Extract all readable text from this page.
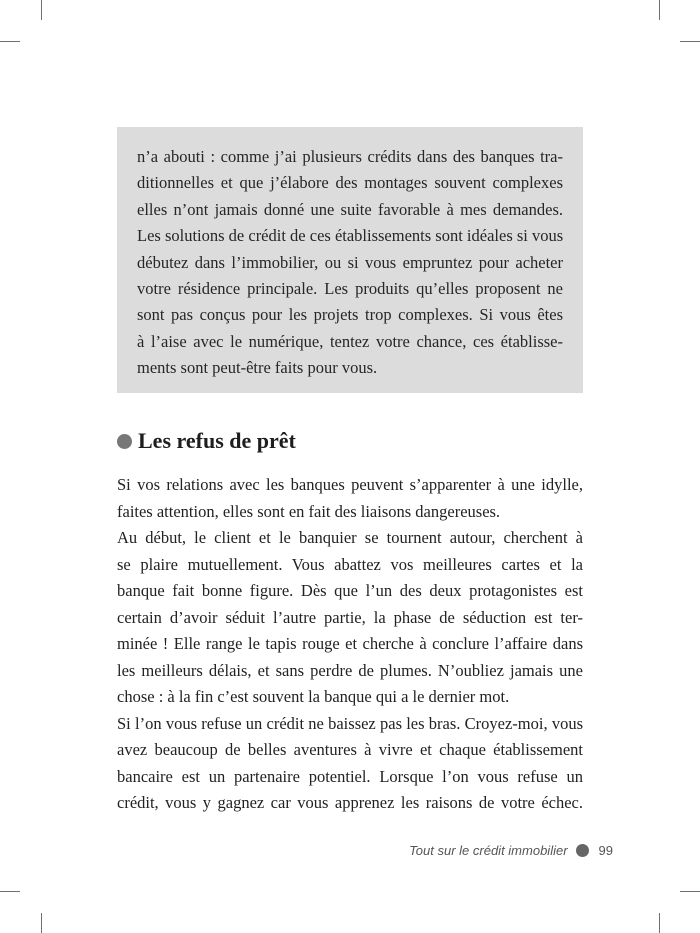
n’a abouti : comme j’ai plusieurs crédits dans des banques tra-
ditionnelles et que j’élabore des montages souvent complexes
elles n’ont jamais donné une suite favorable à mes demandes.
Les solutions de crédit de ces établissements sont idéales si vous
débutez dans l’immobilier, ou si vous empruntez pour acheter
votre résidence principale. Les produits qu’elles proposent ne
sont pas conçus pour les projets trop complexes. Si vous êtes
à l’aise avec le numérique, tentez votre chance, ces établisse-
ments sont peut-être faits pour vous.

Les refus de prêt
Si vos relations avec les banques peuvent s’apparenter à une idylle,
faites attention, elles sont en fait des liaisons dangereuses.
Au début, le client et le banquier se tournent autour, cherchent à
se plaire mutuellement. Vous abattez vos meilleures cartes et la
banque fait bonne figure. Dès que l’un des deux protagonistes est
certain d’avoir séduit l’autre partie, la phase de séduction est ter-
minée ! Elle range le tapis rouge et cherche à conclure l’affaire dans
les meilleurs délais, et sans perdre de plumes. N’oubliez jamais une
chose : à la fin c’est souvent la banque qui a le dernier mot.
Si l’on vous refuse un crédit ne baissez pas les bras. Croyez-moi, vous
avez beaucoup de belles aventures à vivre et chaque établissement
bancaire est un partenaire potentiel. Lorsque l’on vous refuse un
crédit, vous y gagnez car vous apprenez les raisons de votre échec.
Tout sur le crédit immobilier 99
